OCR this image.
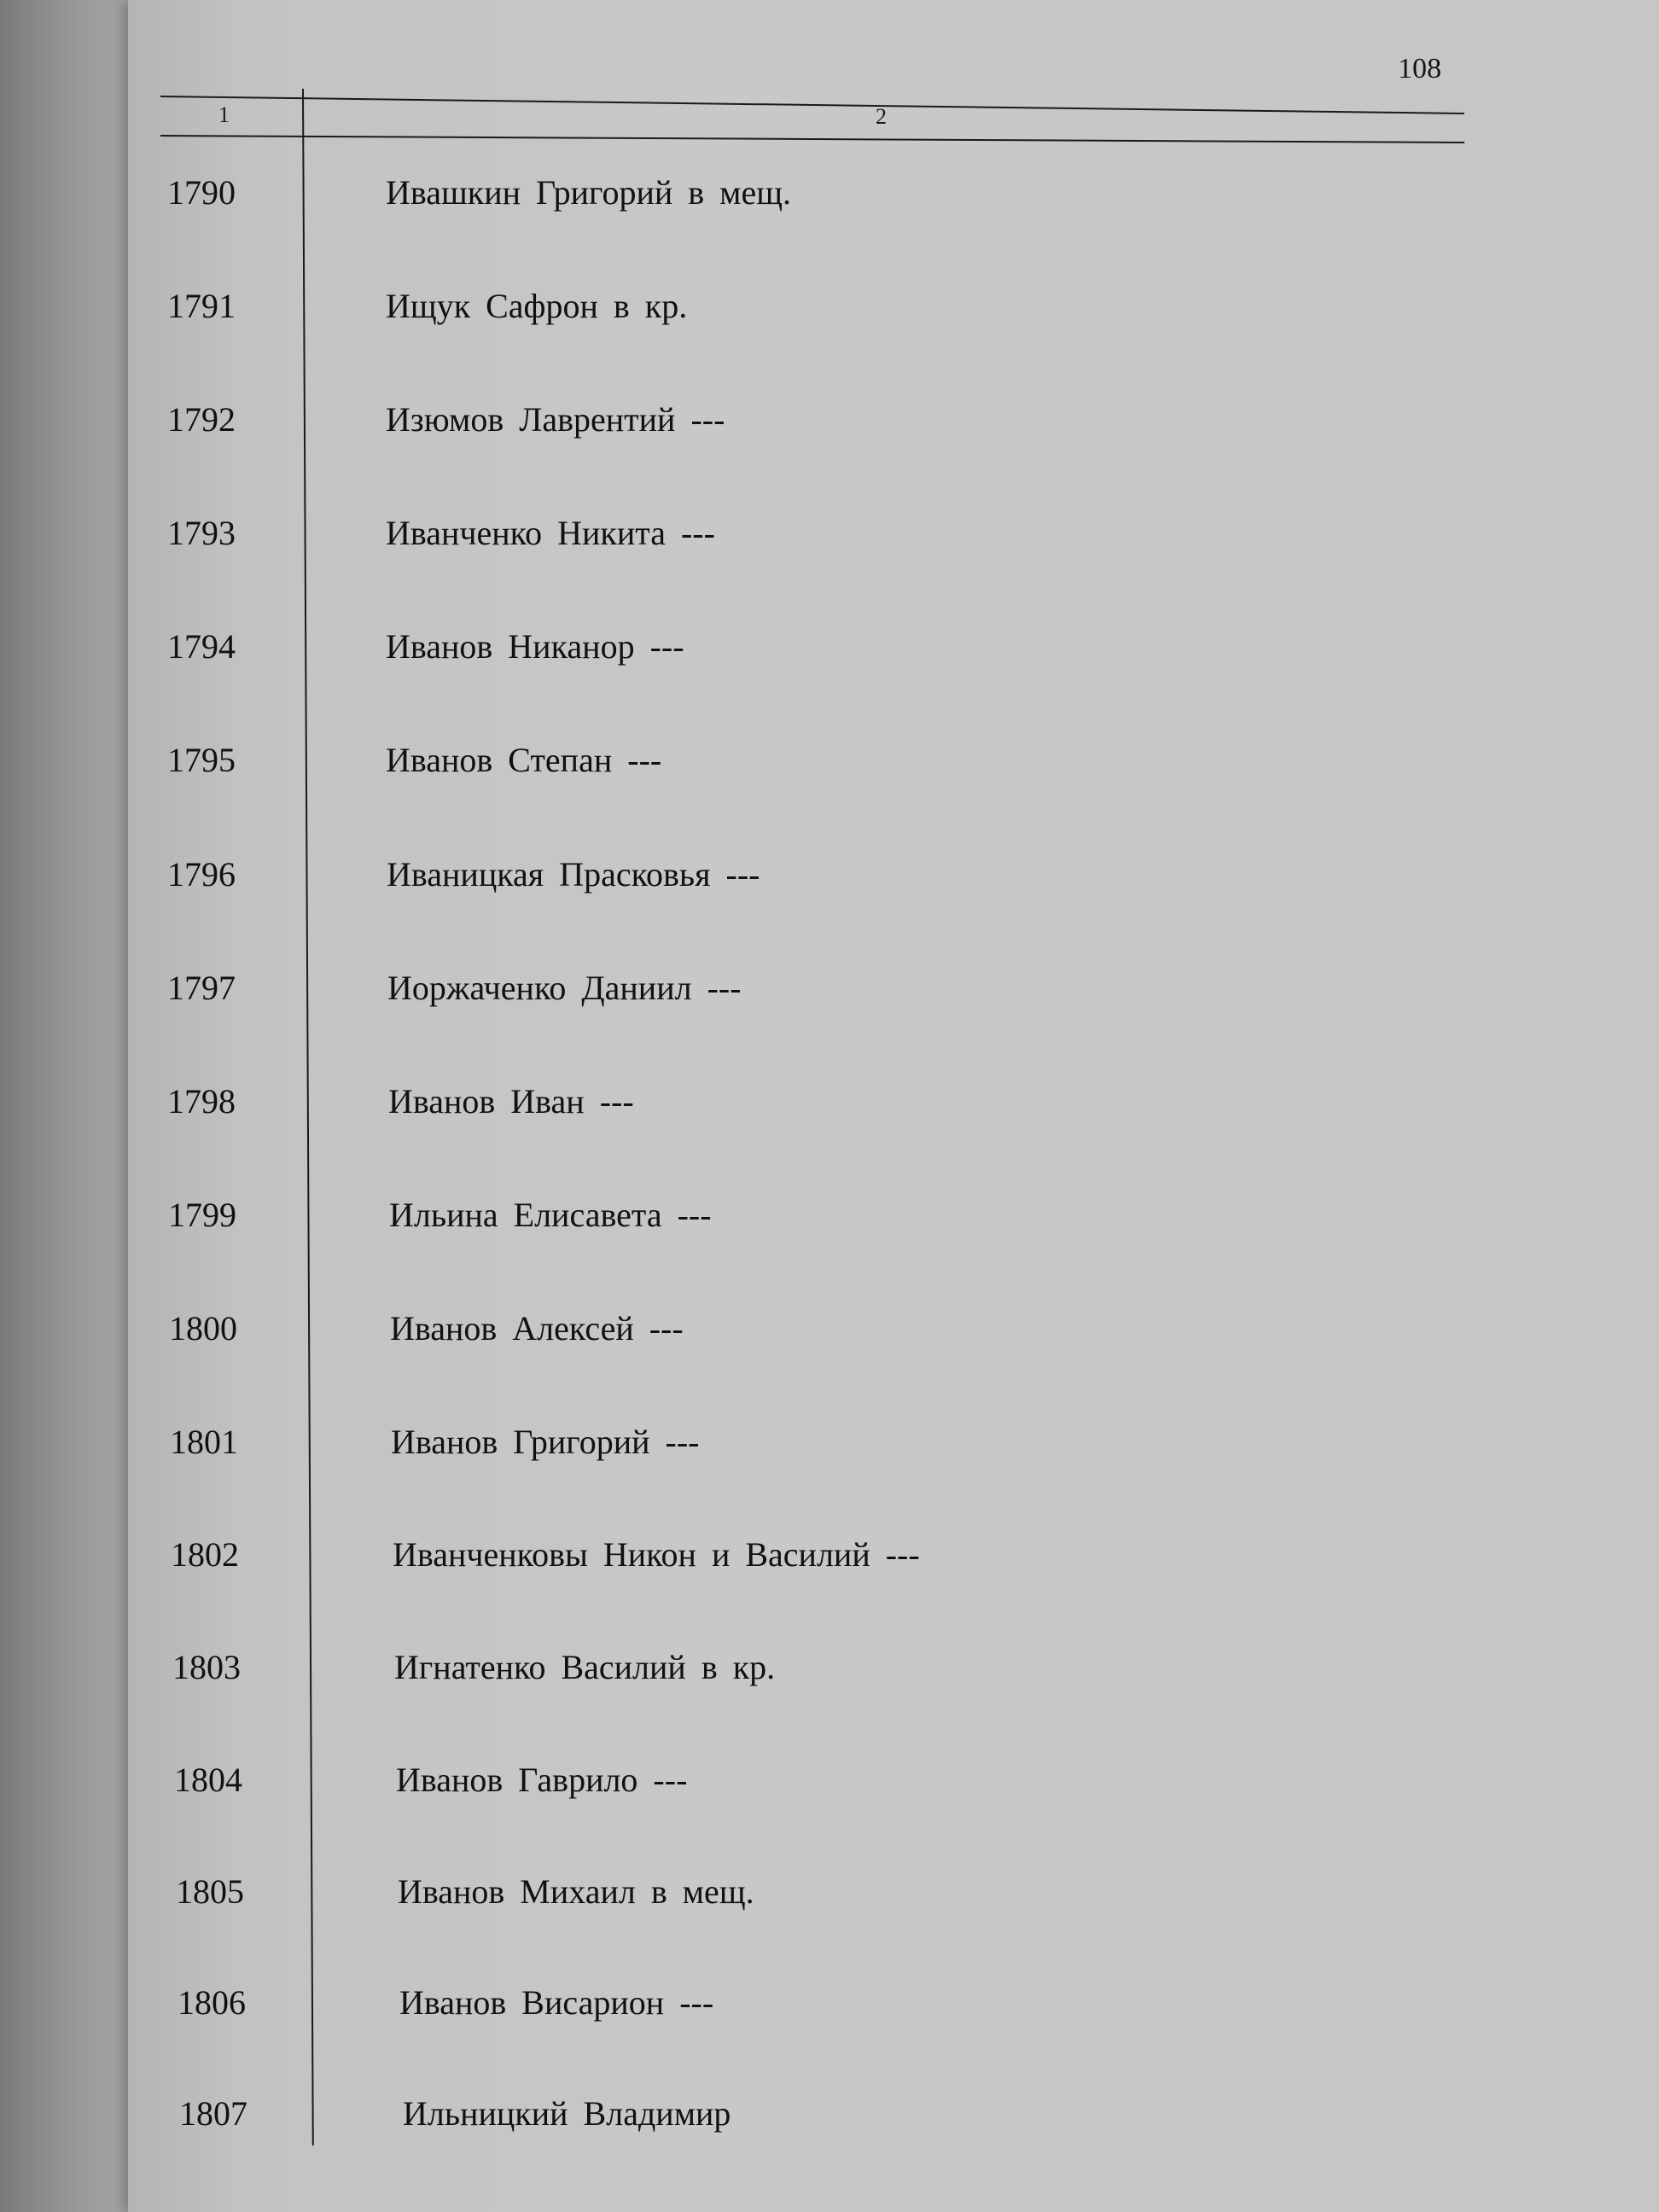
108
1	2
1790	Ивашкин Григорий в мещ.
1791	Ищук Сафрон в кр.
1792	Изюмов Лаврентий ---
1793	Иванченко Никита ---
1794	Иванов Никанор ---
1795	Иванов Степан ---
1796	Иваницкая Прасковья ---
1797	Иоржаченко Даниил ---
1798	Иванов Иван ---
1799	Ильина Елисавета ---
1800	Иванов Алексей ---
1801	Иванов Григорий ---
1802	Иванченковы Никон и Василий ---
1803	Игнатенко Василий в кр.
1804	Иванов Гаврило ---
1805	Иванов Михаил в мещ.
1806	Иванов Висарион ---
1807	Ильницкий Владимир
